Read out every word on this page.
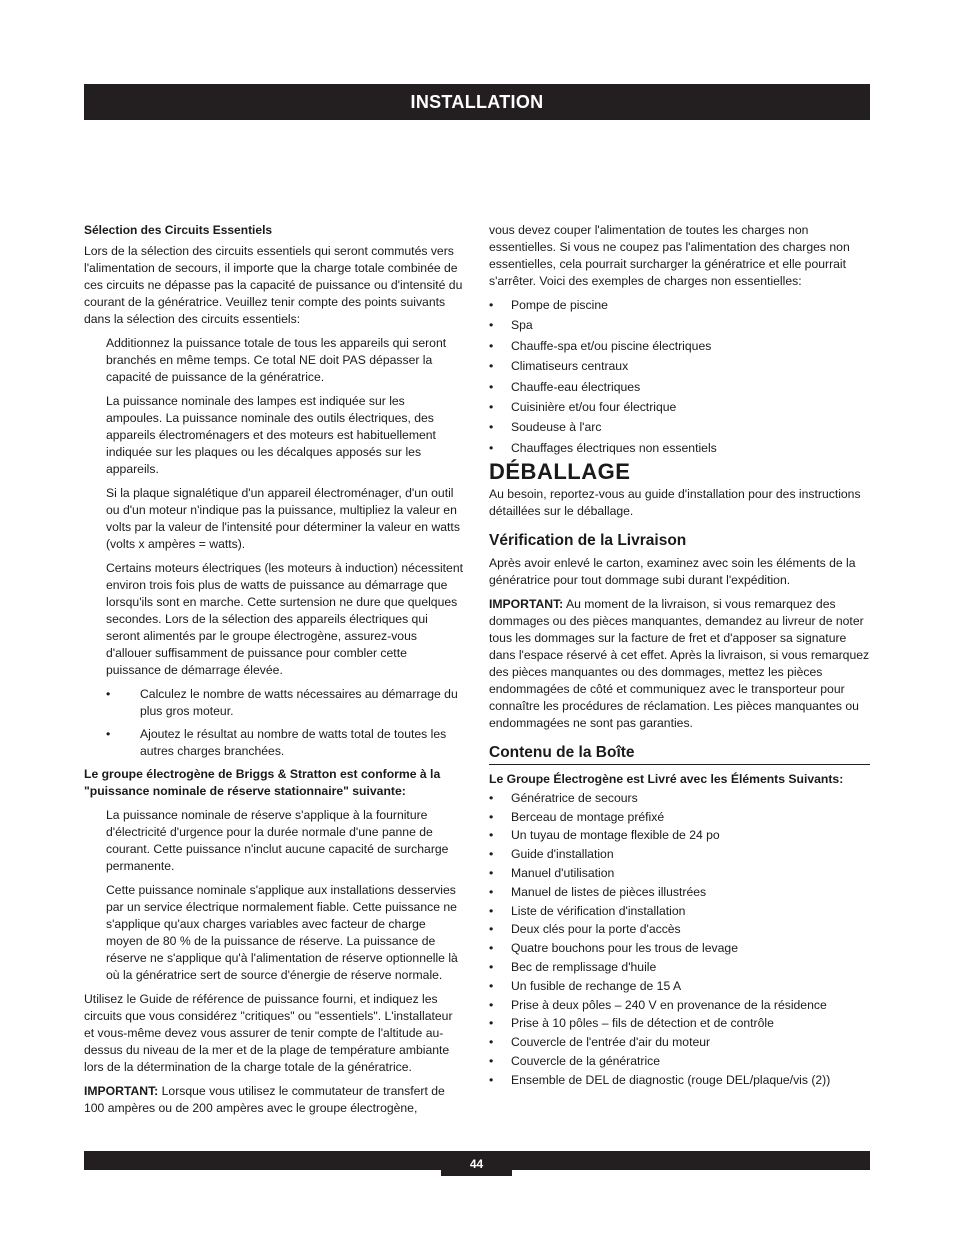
INSTALLATION
Sélection des Circuits Essentiels

Lors de la sélection des circuits essentiels qui seront commutés vers l'alimentation de secours, il importe que la charge totale combinée de ces circuits ne dépasse pas la capacité de puissance ou d'intensité du courant de la génératrice. Veuillez tenir compte des points suivants dans la sélection des circuits essentiels:

Additionnez la puissance totale de tous les appareils qui seront branchés en même temps. Ce total NE doit PAS dépasser la capacité de puissance de la génératrice.

La puissance nominale des lampes est indiquée sur les ampoules. La puissance nominale des outils électriques, des appareils électroménagers et des moteurs est habituellement indiquée sur les plaques ou les décalques apposés sur les appareils.

Si la plaque signalétique d'un appareil électroménager, d'un outil ou d'un moteur n'indique pas la puissance, multipliez la valeur en volts par la valeur de l'intensité pour déterminer la valeur en watts (volts x ampères = watts).

Certains moteurs électriques (les moteurs à induction) nécessitent environ trois fois plus de watts de puissance au démarrage que lorsqu'ils sont en marche. Cette surtension ne dure que quelques secondes. Lors de la sélection des appareils électriques qui seront alimentés par le groupe électrogène, assurez-vous d'allouer suffisamment de puissance pour combler cette puissance de démarrage élevée.

• Calculez le nombre de watts nécessaires au démarrage du plus gros moteur.
• Ajoutez le résultat au nombre de watts total de toutes les autres charges branchées.

Le groupe électrogène de Briggs & Stratton est conforme à la "puissance nominale de réserve stationnaire" suivante:

La puissance nominale de réserve s'applique à la fourniture d'électricité d'urgence pour la durée normale d'une panne de courant. Cette puissance n'inclut aucune capacité de surcharge permanente.

Cette puissance nominale s'applique aux installations desservies par un service électrique normalement fiable. Cette puissance ne s'applique qu'aux charges variables avec facteur de charge moyen de 80 % de la puissance de réserve. La puissance de réserve ne s'applique qu'à l'alimentation de réserve optionnelle là où la génératrice sert de source d'énergie de réserve normale.

Utilisez le Guide de référence de puissance fourni, et indiquez les circuits que vous considérez "critiques" ou "essentiels". L'installateur et vous-même devez vous assurer de tenir compte de l'altitude au-dessus du niveau de la mer et de la plage de température ambiante lors de la détermination de la charge totale de la génératrice.

IMPORTANT: Lorsque vous utilisez le commutateur de transfert de 100 ampères ou de 200 ampères avec le groupe électrogène,

vous devez couper l'alimentation de toutes les charges non essentielles. Si vous ne coupez pas l'alimentation des charges non essentielles, cela pourrait surcharger la génératrice et elle pourrait s'arrêter. Voici des exemples de charges non essentielles:

• Pompe de piscine
• Spa
• Chauffe-spa et/ou piscine électriques
• Climatiseurs centraux
• Chauffe-eau électriques
• Cuisinière et/ou four électrique
• Soudeuse à l'arc
• Chauffages électriques non essentiels
DÉBALLAGE

Au besoin, reportez-vous au guide d'installation pour des instructions détaillées sur le déballage.

Vérification de la Livraison

Après avoir enlevé le carton, examinez avec soin les éléments de la génératrice pour tout dommage subi durant l'expédition.

IMPORTANT: Au moment de la livraison, si vous remarquez des dommages ou des pièces manquantes, demandez au livreur de noter tous les dommages sur la facture de fret et d'apposer sa signature dans l'espace réservé à cet effet. Après la livraison, si vous remarquez des pièces manquantes ou des dommages, mettez les pièces endommagées de côté et communiquez avec le transporteur pour connaître les procédures de réclamation. Les pièces manquantes ou endommagées ne sont pas garanties.

Contenu de la Boîte

Le Groupe Électrogène est Livré avec les Éléments Suivants:

• Génératrice de secours
• Berceau de montage préfixé
• Un tuyau de montage flexible de 24 po
• Guide d'installation
• Manuel d'utilisation
• Manuel de listes de pièces illustrées
• Liste de vérification d'installation
• Deux clés pour la porte d'accès
• Quatre bouchons pour les trous de levage
• Bec de remplissage d'huile
• Un fusible de rechange de 15 A
• Prise à deux pôles – 240 V en provenance de la résidence
• Prise à 10 pôles – fils de détection et de contrôle
• Couvercle de l'entrée d'air du moteur
• Couvercle de la génératrice
• Ensemble de DEL de diagnostic (rouge DEL/plaque/vis (2))
44
